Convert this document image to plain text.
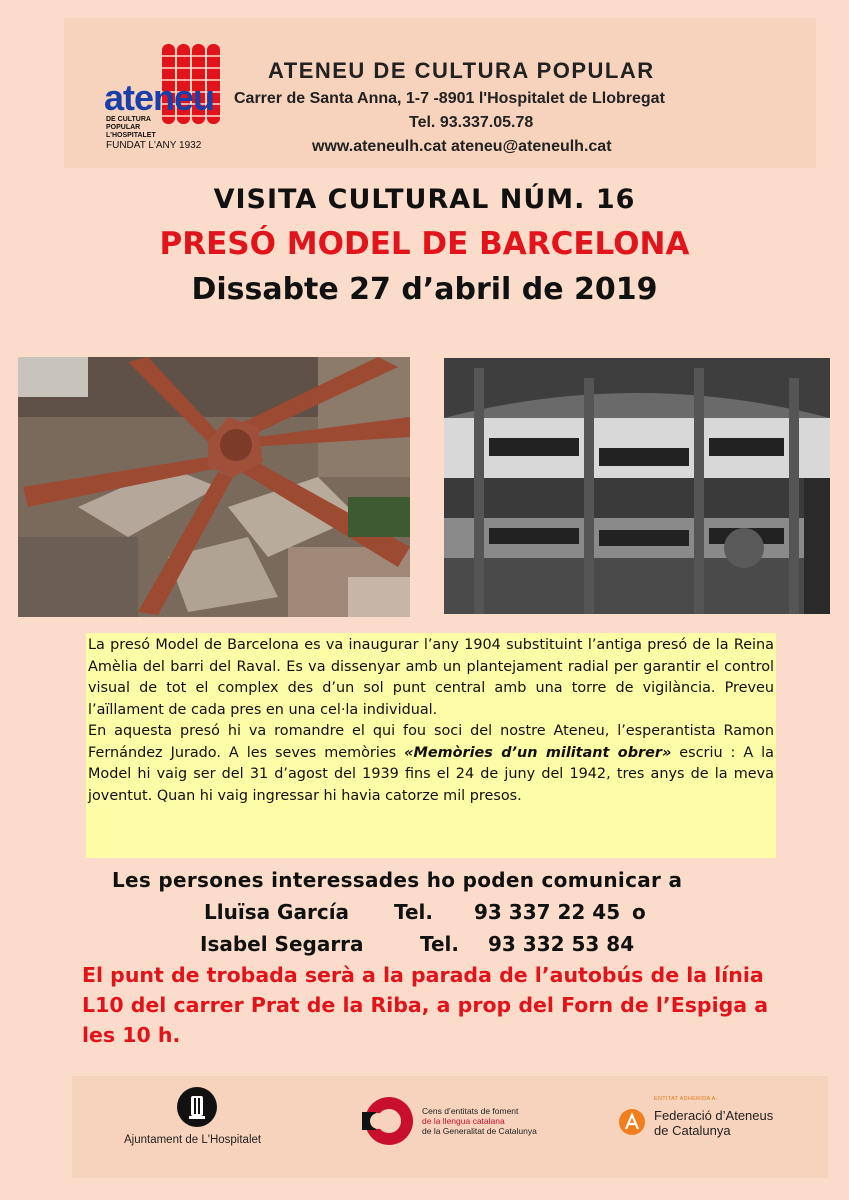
ateneu
DE CULTURA POPULAR L'HOSPITALET
FUNDAT L'ANY 1932
ATENEU DE CULTURA POPULAR
Carrer de Santa Anna, 1-7 -8901 l'Hospitalet de Llobregat
Tel. 93.337.05.78
www.ateneulh.cat ateneu@ateneulh.cat
VISITA CULTURAL NÚM. 16
PRESÓ MODEL DE BARCELONA
Dissabte 27 d’abril de 2019

La presó Model de Barcelona es va inaugurar l’any 1904 substituint l’antiga presó de la Reina Amèlia del barri del Raval. Es va dissenyar amb un plantejament radial per garantir el control visual de tot el complex des d’un sol punt central amb una torre de vigilància. Preveu l’aïllament de cada pres en una cel·la individual.

En aquesta presó hi va romandre el qui fou soci del nostre Ateneu, l’esperantista Ramon Fernández Jurado. A les seves memòries «Memòries d’un militant obrer» escriu : A la Model hi vaig ser del 31 d’agost del 1939 fins el 24 de juny del 1942, tres anys de la meva joventut. Quan hi vaig ingressar hi havia catorze mil presos.

Les persones interessades ho poden comunicar a
Lluïsa García Tel. 93 337 22 45 o
Isabel Segarra	Tel. 93 332 53 84
El punt de trobada serà a la parada de l’autobús de la línia L10 del carrer Prat de la Riba, a prop del Forn de l’Espiga a les 10 h.
Ajuntament de L'Hospitalet
Cens d’entitats de foment
de la llengua catalana
de la Generalitat de Catalunya
ENTITAT ADHERIDA A:
Federació d’Ateneus
de Catalunya
